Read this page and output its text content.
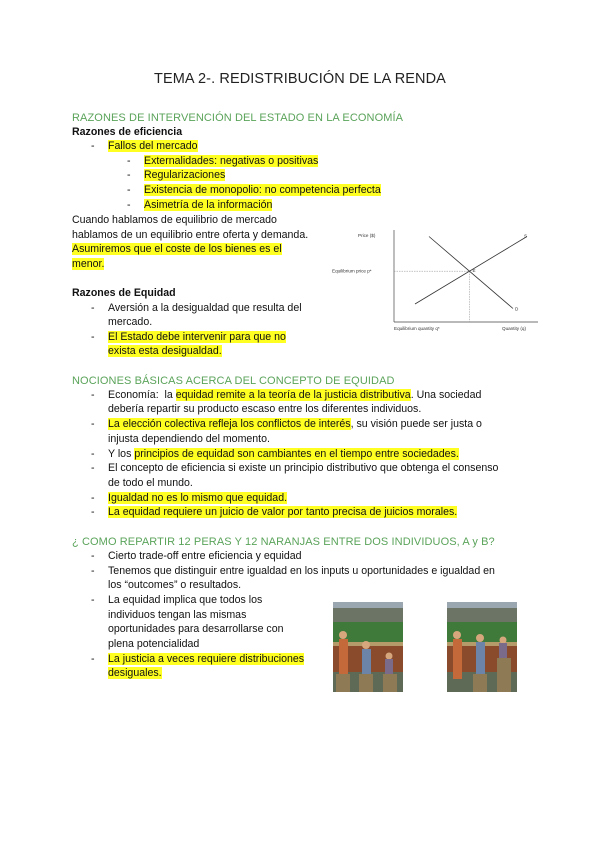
TEMA 2-. REDISTRIBUCIÓN DE LA RENDA
RAZONES DE INTERVENCIÓN DEL ESTADO EN LA ECONOMÍA
Razones de eficiencia
- Fallos del mercado
- Externalidades: negativas o positivas
- Regularizaciones
- Existencia de monopolio: no competencia perfecta
- Asimetría de la información
Cuando hablamos de equilibrio de mercado
hablamos de un equilibrio entre oferta y demanda.
Asumiremos que el coste de los bienes es el
menor.
Razones de Equidad
- Aversión a la desigualdad que resulta del
mercado.
- El Estado debe intervenir para que no
exista esta desigualdad.
Price ($)
Quantity (q)
Equilibrium price p*
Equilibrium quantity q*
E
S
D
NOCIONES BÁSICAS ACERCA DEL CONCEPTO DE EQUIDAD
- Economía:  la equidad remite a la teoría de la justicia distributiva. Una sociedad
debería repartir su producto escaso entre los diferentes individuos.
- La elección colectiva refleja los conflictos de interés, su visión puede ser justa o
injusta dependiendo del momento.
- Y los principios de equidad son cambiantes en el tiempo entre sociedades.
- El concepto de eficiencia si existe un principio distributivo que obtenga el consenso
de todo el mundo.
- Igualdad no es lo mismo que equidad.
- La equidad requiere un juicio de valor por tanto precisa de juicios morales.
¿ COMO REPARTIR 12 PERAS Y 12 NARANJAS ENTRE DOS INDIVIDUOS, A y B?
- Cierto trade-off entre eficiencia y equidad
- Tenemos que distinguir entre igualdad en los inputs u oportunidades e igualdad en
los “outcomes” o resultados.
- La equidad implica que todos los
individuos tengan las mismas
oportunidades para desarrollarse con
plena potencialidad
- La justicia a veces requiere distribuciones
desiguales.
